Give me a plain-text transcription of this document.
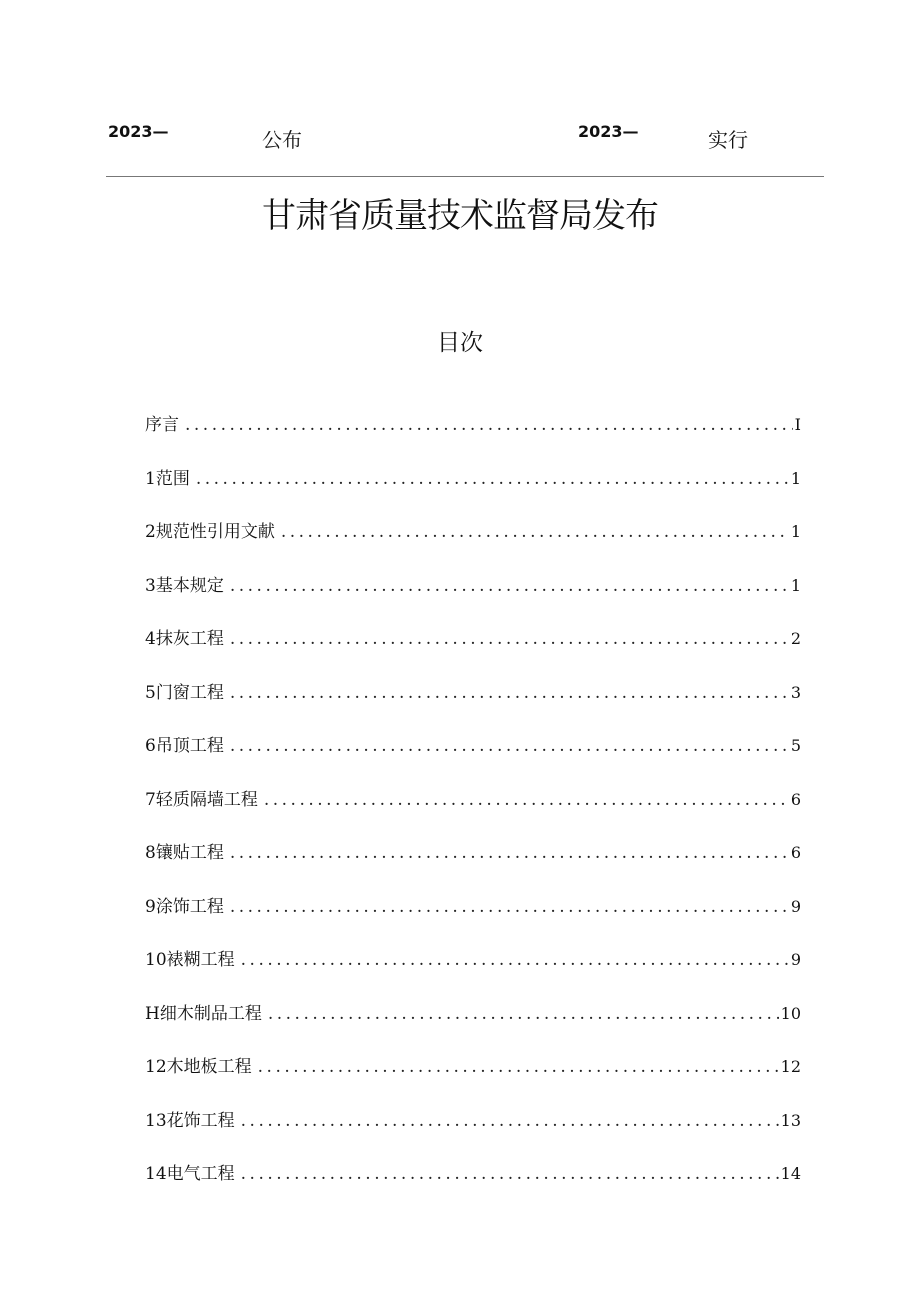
2023—	公布	2023—	实行
甘肃省质量技术监督局发布
目次
序言 .....	I
1范围 .....	1
2规范性引用文献 .....	1
3基本规定 .....	1
4抹灰工程 .....	2
5门窗工程 .....	3
6吊顶工程 .....	5
7轻质隔墙工程 .....	6
8镶贴工程 .....	6
9涂饰工程 .....	9
10裱糊工程 .....	9
H细木制品工程 .....	10
12木地板工程 .....	12
13花饰工程 .....	13
14电气工程 .....	14
